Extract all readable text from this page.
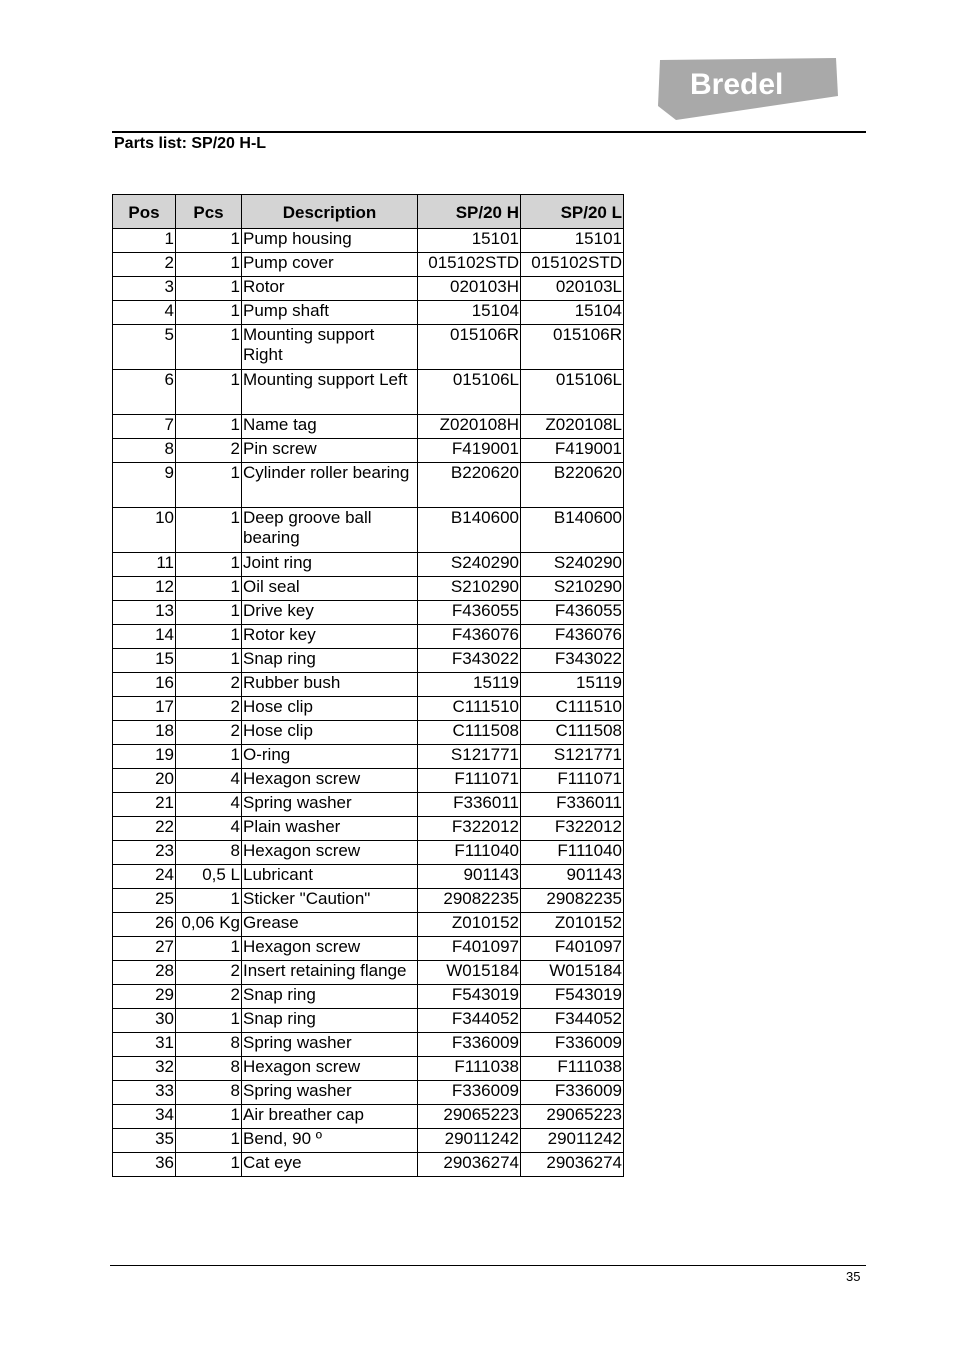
Bredel
Parts list: SP/20 H-L
Pos	Pcs	Description	SP/20 H	SP/20 L
1	1	Pump housing	15101	15101
2	1	Pump cover	015102STD	015102STD
3	1	Rotor	020103H	020103L
4	1	Pump shaft	15104	15104
5	1	Mounting support Right	015106R	015106R
6	1	Mounting support Left	015106L	015106L
7	1	Name tag	Z020108H	Z020108L
8	2	Pin screw	F419001	F419001
9	1	Cylinder roller bearing	B220620	B220620
10	1	Deep groove ball bearing	B140600	B140600
11	1	Joint ring	S240290	S240290
12	1	Oil seal	S210290	S210290
13	1	Drive key	F436055	F436055
14	1	Rotor key	F436076	F436076
15	1	Snap ring	F343022	F343022
16	2	Rubber bush	15119	15119
17	2	Hose clip	C111510	C111510
18	2	Hose clip	C111508	C111508
19	1	O-ring	S121771	S121771
20	4	Hexagon screw	F111071	F111071
21	4	Spring washer	F336011	F336011
22	4	Plain washer	F322012	F322012
23	8	Hexagon screw	F111040	F111040
24	0,5 L	Lubricant	901143	901143
25	1	Sticker "Caution"	29082235	29082235
26	0,06 Kg	Grease	Z010152	Z010152
27	1	Hexagon screw	F401097	F401097
28	2	Insert retaining flange	W015184	W015184
29	2	Snap ring	F543019	F543019
30	1	Snap ring	F344052	F344052
31	8	Spring washer	F336009	F336009
32	8	Hexagon screw	F111038	F111038
33	8	Spring washer	F336009	F336009
34	1	Air breather cap	29065223	29065223
35	1	Bend, 90 º	29011242	29011242
36	1	Cat eye	29036274	29036274
35
